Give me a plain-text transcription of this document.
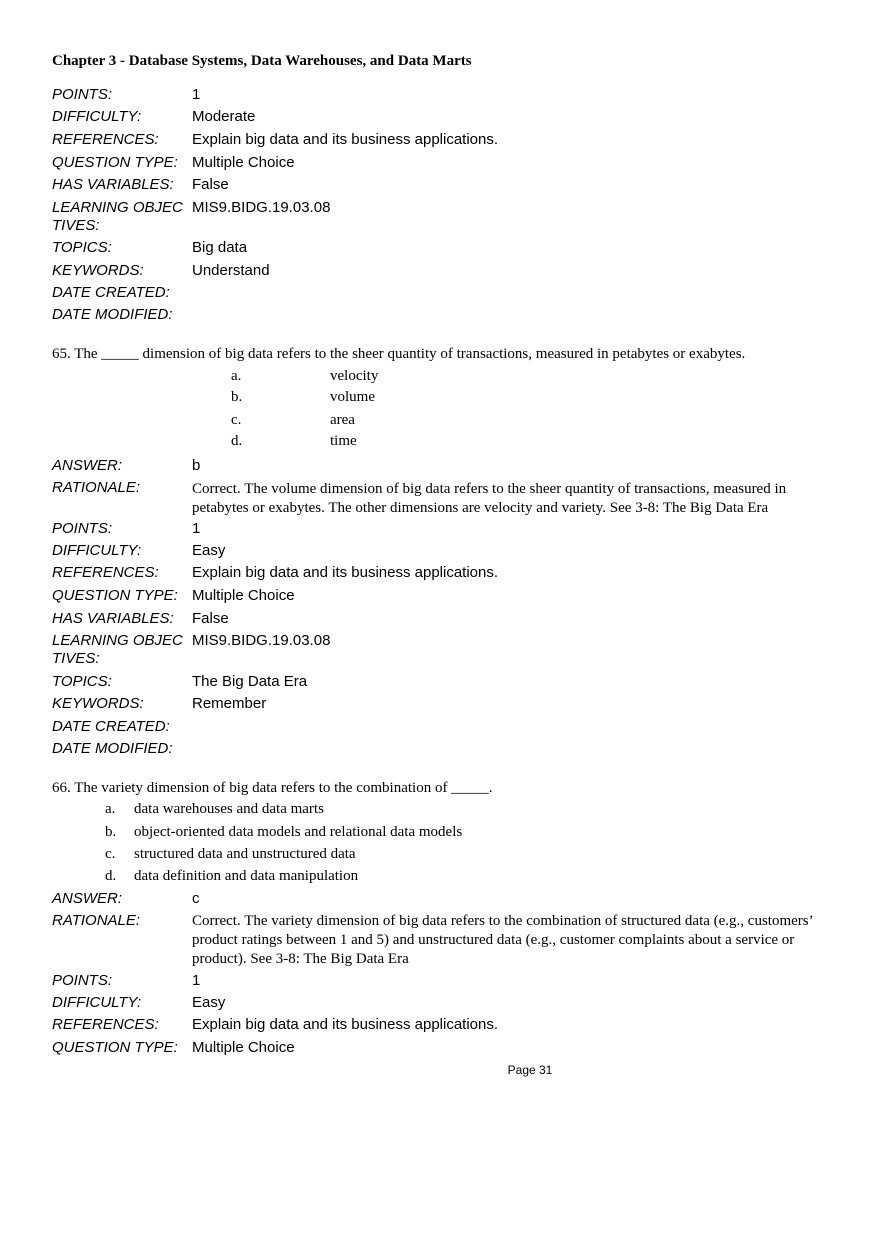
Chapter 3 - Database Systems, Data Warehouses, and Data Marts
POINTS:	1
DIFFICULTY:	Moderate
REFERENCES: Explain big data and its business applications.
QUESTION TYPE: Multiple Choice
HAS VARIABLES: False
LEARNING OBJECTIVES:
MIS9.BIDG.19.03.08
TOPICS:	Big data
KEYWORDS:	Understand
DATE CREATED:
DATE MODIFIED:
65. The _____ dimension of big data refers to the sheer quantity of transactions, measured in petabytes or exabytes.
a.	velocity
b.	volume
c.	area
d.	time
ANSWER:	b
RATIONALE:	Correct. The volume dimension of big data refers to the sheer quantity of transactions, measured in petabytes or exabytes. The other dimensions are velocity and variety. See 3-8: The Big Data Era
POINTS:	1
DIFFICULTY:	Easy
REFERENCES: Explain big data and its business applications.
QUESTION TYPE: Multiple Choice
HAS VARIABLES: False
LEARNING OBJECTIVES:
MIS9.BIDG.19.03.08
TOPICS:	The Big Data Era
KEYWORDS:	Remember
DATE CREATED:
DATE MODIFIED:
66. The variety dimension of big data refers to the combination of _____.
a. data warehouses and data marts
b. object-oriented data models and relational data models
c. structured data and unstructured data
d. data definition and data manipulation
ANSWER:	c
RATIONALE:	Correct. The variety dimension of big data refers to the combination of structured data (e.g., customers’ product ratings between 1 and 5) and unstructured data (e.g., customer complaints about a service or product). See 3-8: The Big Data Era
POINTS:	1
DIFFICULTY:	Easy
REFERENCES: Explain big data and its business applications.
QUESTION TYPE: Multiple Choice
Page 31
